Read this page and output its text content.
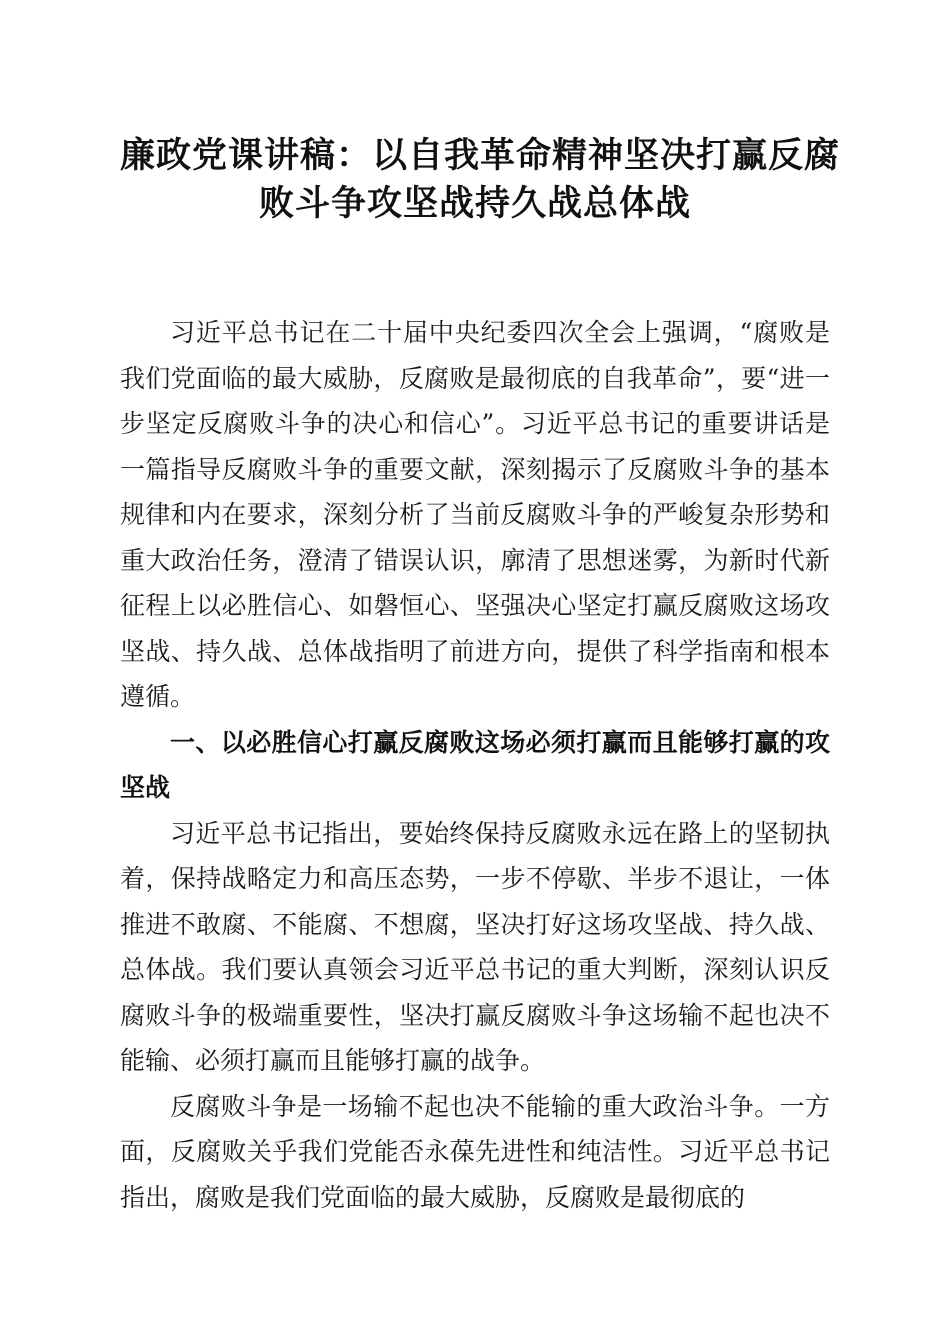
廉政党课讲稿：以自我革命精神坚决打赢反腐
败斗争攻坚战持久战总体战

习近平总书记在二十届中央纪委四次全会上强调，“腐败是我们党面临的最大威胁，反腐败是最彻底的自我革命”，要“进一步坚定反腐败斗争的决心和信心”。习近平总书记的重要讲话是一篇指导反腐败斗争的重要文献，深刻揭示了反腐败斗争的基本规律和内在要求，深刻分析了当前反腐败斗争的严峻复杂形势和重大政治任务，澄清了错误认识，廓清了思想迷雾，为新时代新征程上以必胜信心、如磐恒心、坚强决心坚定打赢反腐败这场攻坚战、持久战、总体战指明了前进方向，提供了科学指南和根本遵循。

一、以必胜信心打赢反腐败这场必须打赢而且能够打赢的攻坚战

习近平总书记指出，要始终保持反腐败永远在路上的坚韧执着，保持战略定力和高压态势，一步不停歇、半步不退让，一体推进不敢腐、不能腐、不想腐，坚决打好这场攻坚战、持久战、总体战。我们要认真领会习近平总书记的重大判断，深刻认识反腐败斗争的极端重要性，坚决打赢反腐败斗争这场输不起也决不能输、必须打赢而且能够打赢的战争。

反腐败斗争是一场输不起也决不能输的重大政治斗争。一方面，反腐败关乎我们党能否永葆先进性和纯洁性。习近平总书记指出，腐败是我们党面临的最大威胁，反腐败是最彻底的
